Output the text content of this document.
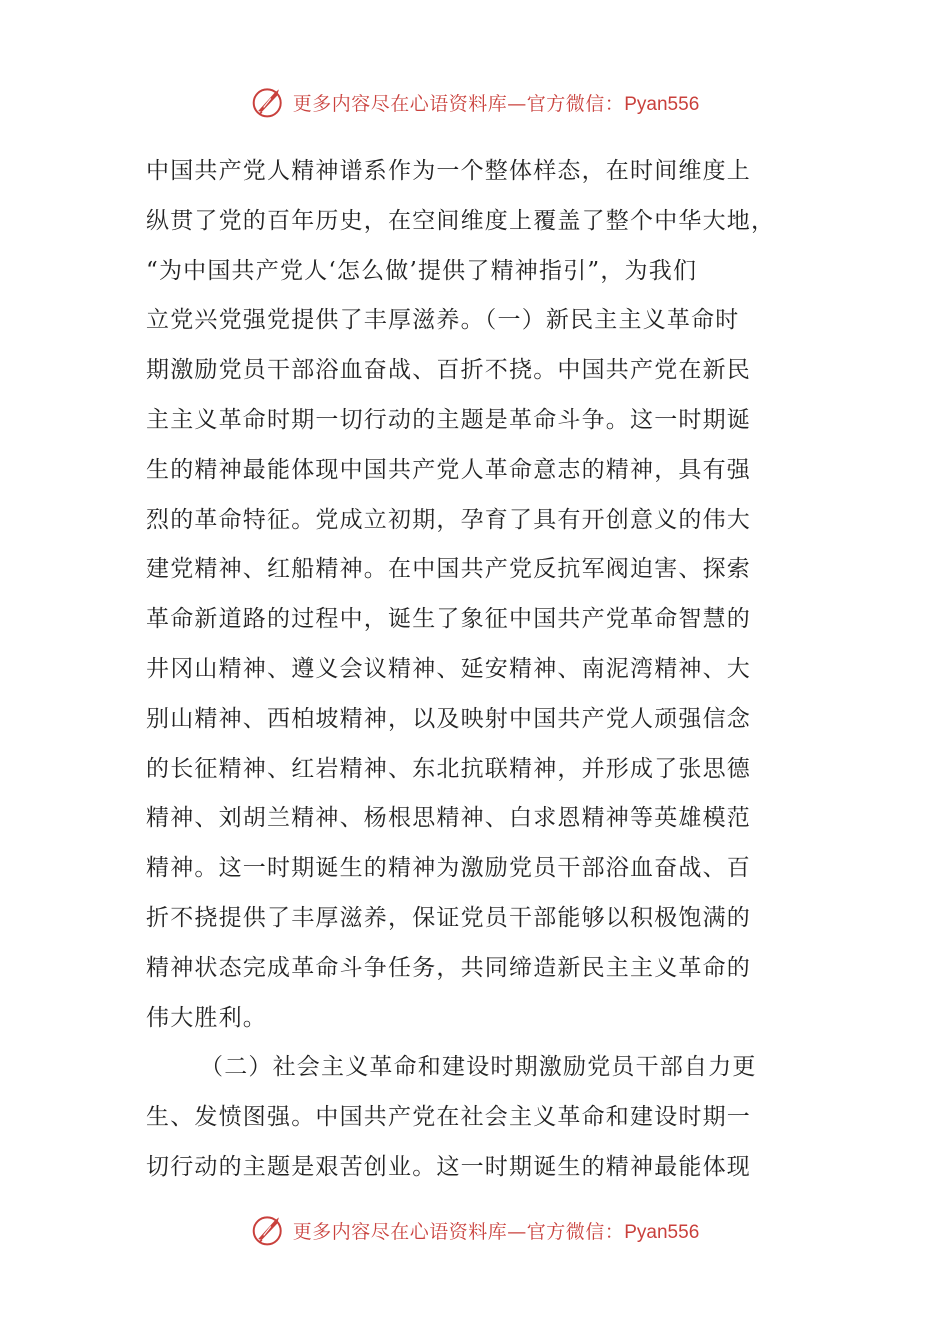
更多内容尽在心语资料库—官方微信：Pyan556
中国共产党人精神谱系作为一个整体样态，在时间维度上
纵贯了党的百年历史，在空间维度上覆盖了整个中华大地，
“为中国共产党人‘怎么做’提供了精神指引”，为我们
立党兴党强党提供了丰厚滋养。（一）新民主主义革命时
期激励党员干部浴血奋战、百折不挠。中国共产党在新民
主主义革命时期一切行动的主题是革命斗争。这一时期诞
生的精神最能体现中国共产党人革命意志的精神，具有强
烈的革命特征。党成立初期，孕育了具有开创意义的伟大
建党精神、红船精神。在中国共产党反抗军阀迫害、探索
革命新道路的过程中，诞生了象征中国共产党革命智慧的
井冈山精神、遵义会议精神、延安精神、南泥湾精神、大
别山精神、西柏坡精神，以及映射中国共产党人顽强信念
的长征精神、红岩精神、东北抗联精神，并形成了张思德
精神、刘胡兰精神、杨根思精神、白求恩精神等英雄模范
精神。这一时期诞生的精神为激励党员干部浴血奋战、百
折不挠提供了丰厚滋养，保证党员干部能够以积极饱满的
精神状态完成革命斗争任务，共同缔造新民主主义革命的
伟大胜利。
（二）社会主义革命和建设时期激励党员干部自力更
生、发愤图强。中国共产党在社会主义革命和建设时期一
切行动的主题是艰苦创业。这一时期诞生的精神最能体现
更多内容尽在心语资料库—官方微信：Pyan556
